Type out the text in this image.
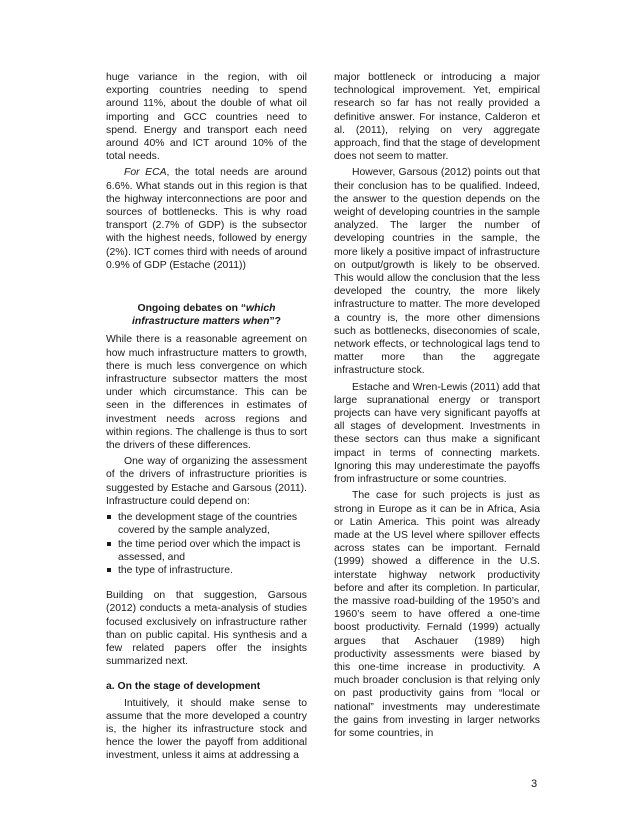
huge variance in the region, with oil exporting countries needing to spend around 11%, about the double of what oil importing and GCC countries need to spend. Energy and transport each need around 40% and ICT around 10% of the total needs.

For ECA, the total needs are around 6.6%. What stands out in this region is that the highway interconnections are poor and sources of bottlenecks. This is why road transport (2.7% of GDP) is the subsector with the highest needs, followed by energy (2%). ICT comes third with needs of around 0.9% of GDP (Estache (2011))

Ongoing debates on “which infrastructure matters when”?

While there is a reasonable agreement on how much infrastructure matters to growth, there is much less convergence on which infrastructure subsector matters the most under which circumstance. This can be seen in the differences in estimates of investment needs across regions and within regions. The challenge is thus to sort the drivers of these differences.

One way of organizing the assessment of the drivers of infrastructure priorities is suggested by Estache and Garsous (2011). Infrastructure could depend on:

the development stage of the countries covered by the sample analyzed,
the time period over which the impact is assessed, and
the type of infrastructure.

Building on that suggestion, Garsous (2012) conducts a meta-analysis of studies focused exclusively on infrastructure rather than on public capital. His synthesis and a few related papers offer the insights summarized next.

a. On the stage of development

Intuitively, it should make sense to assume that the more developed a country is, the higher its infrastructure stock and hence the lower the payoff from additional investment, unless it aims at addressing a

major bottleneck or introducing a major technological improvement. Yet, empirical research so far has not really provided a definitive answer. For instance, Calderon et al. (2011), relying on very aggregate approach, find that the stage of development does not seem to matter.

However, Garsous (2012) points out that their conclusion has to be qualified. Indeed, the answer to the question depends on the weight of developing countries in the sample analyzed. The larger the number of developing countries in the sample, the more likely a positive impact of infrastructure on output/growth is likely to be observed. This would allow the conclusion that the less developed the country, the more likely infrastructure to matter. The more developed a country is, the more other dimensions such as bottlenecks, diseconomies of scale, network effects, or technological lags tend to matter more than the aggregate infrastructure stock.

Estache and Wren-Lewis (2011) add that large supranational energy or transport projects can have very significant payoffs at all stages of development. Investments in these sectors can thus make a significant impact in terms of connecting markets. Ignoring this may underestimate the payoffs from infrastructure or some countries.

The case for such projects is just as strong in Europe as it can be in Africa, Asia or Latin America. This point was already made at the US level where spillover effects across states can be important. Fernald (1999) showed a difference in the U.S. interstate highway network productivity before and after its completion. In particular, the massive road-building of the 1950’s and 1960’s seem to have offered a one-time boost productivity. Fernald (1999) actually argues that Aschauer (1989) high productivity assessments were biased by this one-time increase in productivity. A much broader conclusion is that relying only on past productivity gains from “local or national” investments may underestimate the gains from investing in larger networks for some countries, in

3
